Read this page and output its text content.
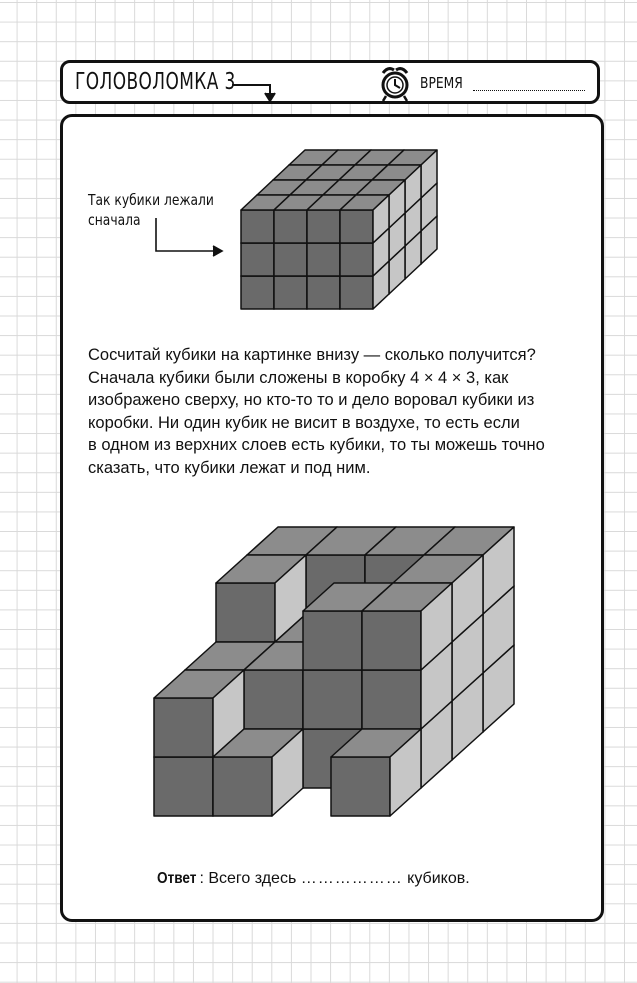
ГОЛОВОЛОМКА 3	ВРЕМЯ
Так кубики лежали
сначала
Сосчитай кубики на картинке внизу — сколько получится?
Сначала кубики были сложены в коробку 4 × 4 × 3, как
изображено сверху, но кто-то то и дело воровал кубики из
коробки. Ни один кубик не висит в воздухе, то есть если
в одном из верхних слоев есть кубики, то ты можешь точно
сказать, что кубики лежат и под ним.
Ответ : Всего здесь ……………… кубиков.
